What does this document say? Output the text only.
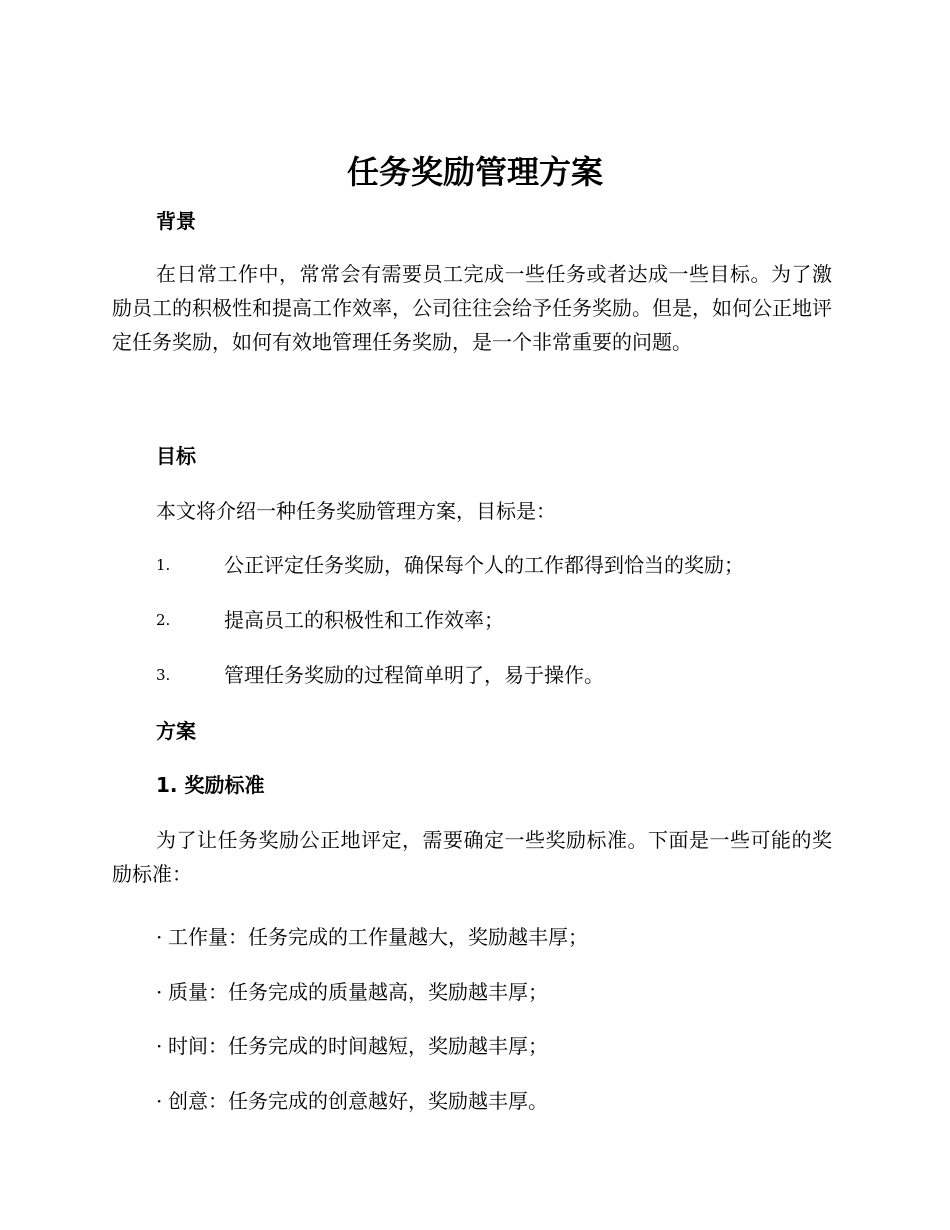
任务奖励管理方案
背景

在日常工作中，常常会有需要员工完成一些任务或者达成一些目标。为了激励员工的积极性和提高工作效率，公司往往会给予任务奖励。但是，如何公正地评定任务奖励，如何有效地管理任务奖励，是一个非常重要的问题。

目标

本文将介绍一种任务奖励管理方案，目标是：

1.	公正评定任务奖励，确保每个人的工作都得到恰当的奖励；
2.	提高员工的积极性和工作效率；
3.	管理任务奖励的过程简单明了，易于操作。
方案
1. 奖励标准

为了让任务奖励公正地评定，需要确定一些奖励标准。下面是一些可能的奖励标准：

· 工作量：任务完成的工作量越大，奖励越丰厚；
· 质量：任务完成的质量越高，奖励越丰厚；
· 时间：任务完成的时间越短，奖励越丰厚；
· 创意：任务完成的创意越好，奖励越丰厚。
